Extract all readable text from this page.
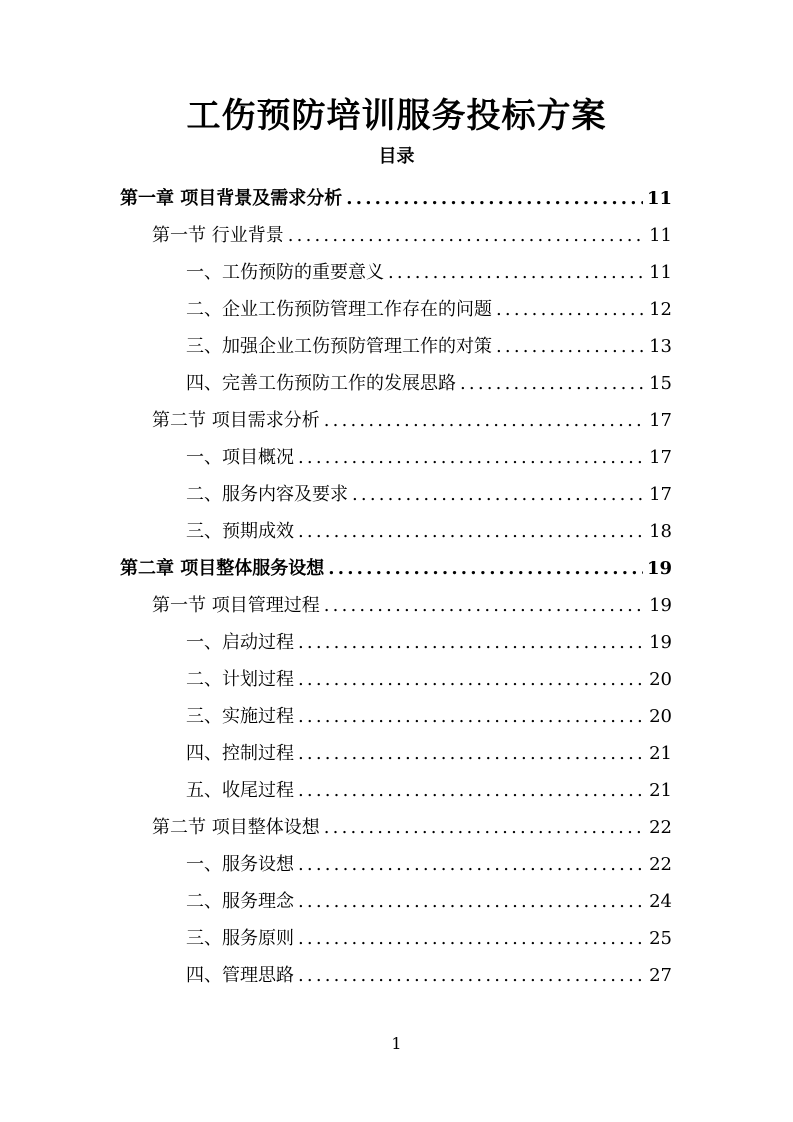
工伤预防培训服务投标方案
目录
第一章 项目背景及需求分析 .....	11
第一节 行业背景 .....	11
一、工伤预防的重要意义 .....	11
二、企业工伤预防管理工作存在的问题 .....	12
三、加强企业工伤预防管理工作的对策 .....	13
四、完善工伤预防工作的发展思路 .....	15
第二节 项目需求分析 .....	17
一、项目概况 .....	17
二、服务内容及要求 .....	17
三、预期成效 .....	18
第二章 项目整体服务设想 .....	19
第一节 项目管理过程 .....	19
一、启动过程 .....	19
二、计划过程 .....	20
三、实施过程 .....	20
四、控制过程 .....	21
五、收尾过程 .....	21
第二节 项目整体设想 .....	22
一、服务设想 .....	22
二、服务理念 .....	24
三、服务原则 .....	25
四、管理思路 .....	27
1
